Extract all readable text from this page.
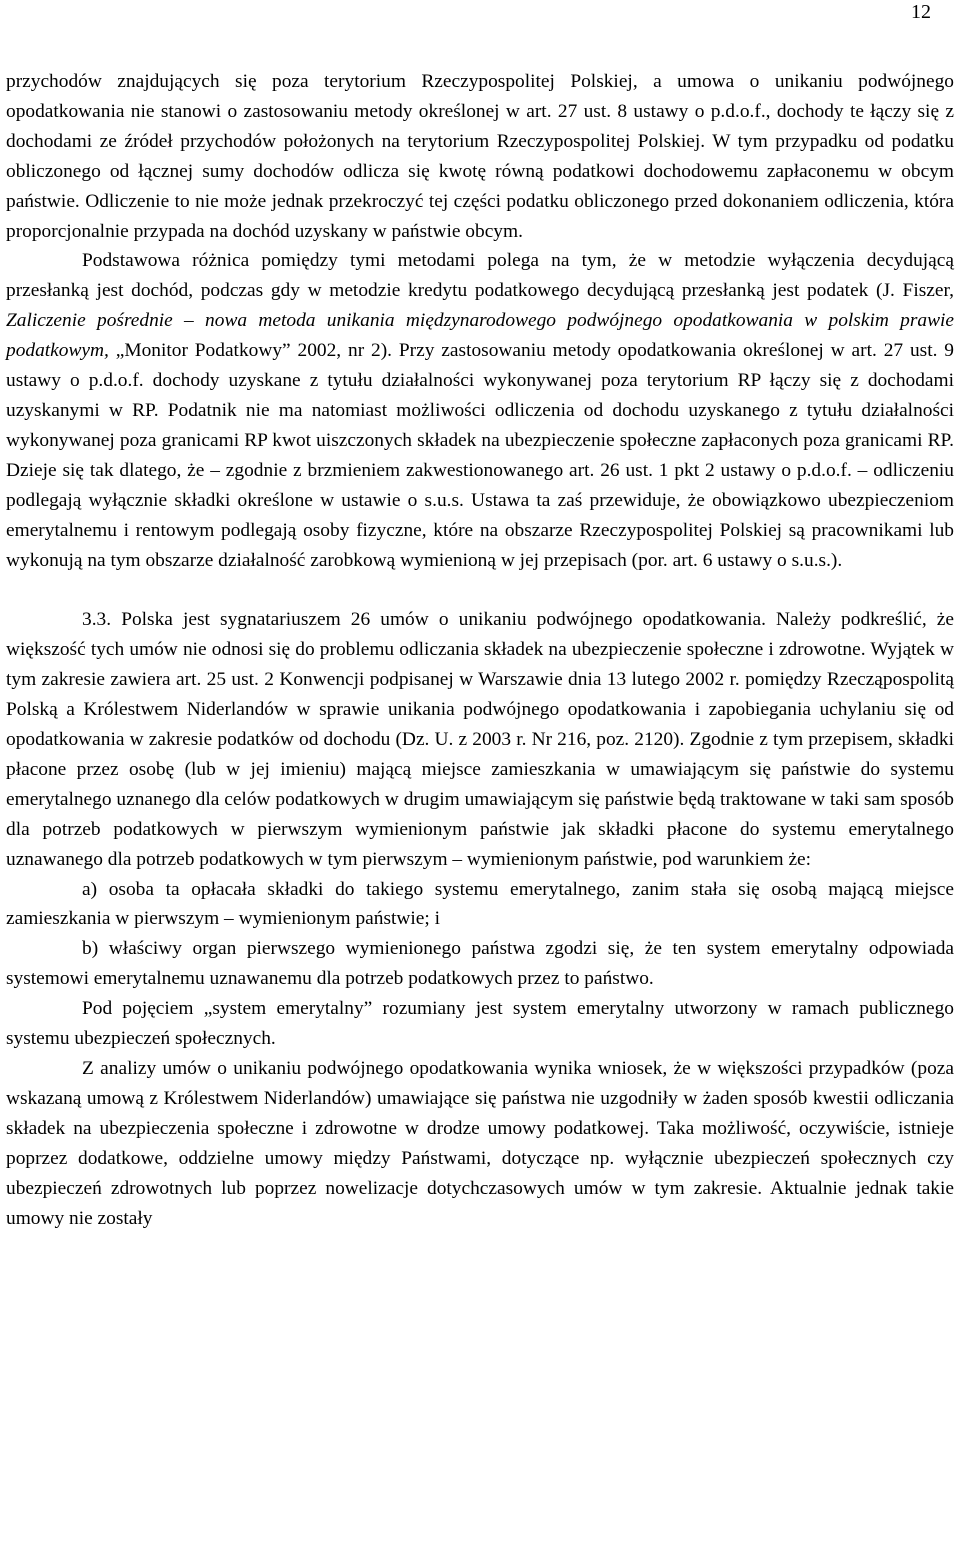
12

przychodów znajdujących się poza terytorium Rzeczypospolitej Polskiej, a umowa o unikaniu podwójnego opodatkowania nie stanowi o zastosowaniu metody określonej w art. 27 ust. 8 ustawy o p.d.o.f., dochody te łączy się z dochodami ze źródeł przychodów położonych na terytorium Rzeczypospolitej Polskiej. W tym przypadku od podatku obliczonego od łącznej sumy dochodów odlicza się kwotę równą podatkowi dochodowemu zapłaconemu w obcym państwie. Odliczenie to nie może jednak przekroczyć tej części podatku obliczonego przed dokonaniem odliczenia, która proporcjonalnie przypada na dochód uzyskany w państwie obcym.

Podstawowa różnica pomiędzy tymi metodami polega na tym, że w metodzie wyłączenia decydującą przesłanką jest dochód, podczas gdy w metodzie kredytu podatkowego decydującą przesłanką jest podatek (J. Fiszer, Zaliczenie pośrednie – nowa metoda unikania międzynarodowego podwójnego opodatkowania w polskim prawie podatkowym, „Monitor Podatkowy” 2002, nr 2). Przy zastosowaniu metody opodatkowania określonej w art. 27 ust. 9 ustawy o p.d.o.f. dochody uzyskane z tytułu działalności wykonywanej poza terytorium RP łączy się z dochodami uzyskanymi w RP. Podatnik nie ma natomiast możliwości odliczenia od dochodu uzyskanego z tytułu działalności wykonywanej poza granicami RP kwot uiszczonych składek na ubezpieczenie społeczne zapłaconych poza granicami RP. Dzieje się tak dlatego, że – zgodnie z brzmieniem zakwestionowanego art. 26 ust. 1 pkt 2 ustawy o p.d.o.f. – odliczeniu podlegają wyłącznie składki określone w ustawie o s.u.s. Ustawa ta zaś przewiduje, że obowiązkowo ubezpieczeniom emerytalnemu i rentowym podlegają osoby fizyczne, które na obszarze Rzeczypospolitej Polskiej są pracownikami lub wykonują na tym obszarze działalność zarobkową wymienioną w jej przepisach (por. art. 6 ustawy o s.u.s.).

3.3. Polska jest sygnatariuszem 26 umów o unikaniu podwójnego opodatkowania. Należy podkreślić, że większość tych umów nie odnosi się do problemu odliczania składek na ubezpieczenie społeczne i zdrowotne. Wyjątek w tym zakresie zawiera art. 25 ust. 2 Konwencji podpisanej w Warszawie dnia 13 lutego 2002 r. pomiędzy Rzecząpospolitą Polską a Królestwem Niderlandów w sprawie unikania podwójnego opodatkowania i zapobiegania uchylaniu się od opodatkowania w zakresie podatków od dochodu (Dz. U. z 2003 r. Nr 216, poz. 2120). Zgodnie z tym przepisem, składki płacone przez osobę (lub w jej imieniu) mającą miejsce zamieszkania w umawiającym się państwie do systemu emerytalnego uznanego dla celów podatkowych w drugim umawiającym się państwie będą traktowane w taki sam sposób dla potrzeb podatkowych w pierwszym wymienionym państwie jak składki płacone do systemu emerytalnego uznawanego dla potrzeb podatkowych w tym pierwszym – wymienionym państwie, pod warunkiem że:

a) osoba ta opłacała składki do takiego systemu emerytalnego, zanim stała się osobą mającą miejsce zamieszkania w pierwszym – wymienionym państwie; i

b) właściwy organ pierwszego wymienionego państwa zgodzi się, że ten system emerytalny odpowiada systemowi emerytalnemu uznawanemu dla potrzeb podatkowych przez to państwo.

Pod pojęciem „system emerytalny” rozumiany jest system emerytalny utworzony w ramach publicznego systemu ubezpieczeń społecznych.

Z analizy umów o unikaniu podwójnego opodatkowania wynika wniosek, że w większości przypadków (poza wskazaną umową z Królestwem Niderlandów) umawiające się państwa nie uzgodniły w żaden sposób kwestii odliczania składek na ubezpieczenia społeczne i zdrowotne w drodze umowy podatkowej. Taka możliwość, oczywiście, istnieje poprzez dodatkowe, oddzielne umowy między Państwami, dotyczące np. wyłącznie ubezpieczeń społecznych czy ubezpieczeń zdrowotnych lub poprzez nowelizacje dotychczasowych umów w tym zakresie. Aktualnie jednak takie umowy nie zostały
